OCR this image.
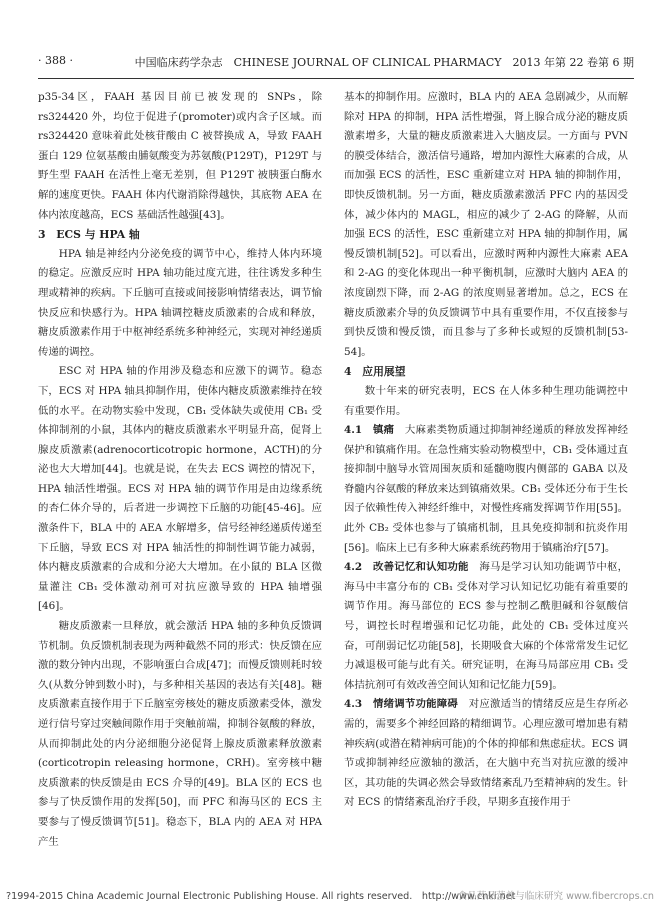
· 388 ·	中国临床药学杂志　CHINESE JOURNAL OF CLINICAL PHARMACY　2013 年第 22 卷第 6 期

p35-34区，FAAH 基因目前已被发现的 SNPs，除 rs324420 外，均位于促进子(promoter)或内含子区域。而 rs324420 意味着此处核苷酸由 C 被替换成 A，导致 FAAH 蛋白 129 位氨基酸由脯氨酸变为苏氨酸(P129T)，P129T 与野生型 FAAH 在活性上毫无差别，但 P129T 被胰蛋白酶水解的速度更快。FAAH 体内代谢消除得越快，其底物 AEA 在体内浓度越高，ECS 基础活性越强[43]。

3　ECS 与 HPA 轴

HPA 轴是神经内分泌免疫的调节中心，维持人体内环境的稳定。应激反应时 HPA 轴功能过度亢进，往往诱发多种生理或精神的疾病。下丘脑可直接或间接影响情绪表达，调节愉快反应和快感行为。HPA 轴调控糖皮质激素的合成和释放，糖皮质激素作用于中枢神经系统多种神经元，实现对神经递质传递的调控。

ESC 对 HPA 轴的作用涉及稳态和应激下的调节。稳态下，ECS 对 HPA 轴具抑制作用，使体内糖皮质激素维持在较低的水平。在动物实验中发现，CB₁ 受体缺失或使用 CB₁ 受体抑制剂的小鼠，其体内的糖皮质激素水平明显升高，促肾上腺皮质激素(adrenocorticotropic hormone，ACTH)的分泌也大大增加[44]。也就是说，在失去 ECS 调控的情况下，HPA 轴活性增强。ECS 对 HPA 轴的调节作用是由边缘系统的杏仁体介导的，后者进一步调控下丘脑的功能[45-46]。应激条件下，BLA 中的 AEA 水解增多，信号经神经递质传递至下丘脑，导致 ECS 对 HPA 轴活性的抑制性调节能力减弱，体内糖皮质激素的合成和分泌大大增加。在小鼠的 BLA 区微量灌注 CB₁ 受体激动剂可对抗应激导致的 HPA 轴增强[46]。

糖皮质激素一旦释放，就会激活 HPA 轴的多种负反馈调节机制。负反馈机制表现为两种截然不同的形式：快反馈在应激的数分钟内出现，不影响蛋白合成[47]；而慢反馈则耗时较久(从数分钟到数小时)，与多种相关基因的表达有关[48]。糖皮质激素直接作用于下丘脑室旁核处的糖皮质激素受体，激发逆行信号穿过突触间隙作用于突触前端，抑制谷氨酸的释放，从而抑制此处的内分泌细胞分泌促肾上腺皮质激素释放激素(corticotropin releasing hormone，CRH)。室旁核中糖皮质激素的快反馈是由 ECS 介导的[49]。BLA 区的 ECS 也参与了快反馈作用的发挥[50]，而 PFC 和海马区的 ECS 主要参与了慢反馈调节[51]。稳态下，BLA 内的 AEA 对 HPA 产生

基本的抑制作用。应激时，BLA 内的 AEA 急剧减少，从而解除对 HPA 的抑制，HPA 活性增强，肾上腺合成分泌的糖皮质激素增多，大量的糖皮质激素进入大脑皮层。一方面与 PVN 的膜受体结合，激活信号通路，增加内源性大麻素的合成，从而加强 ECS 的活性，ESC 重新建立对 HPA 轴的抑制作用，即快反馈机制。另一方面，糖皮质激素激活 PFC 内的基因受体，减少体内的 MAGL，相应的减少了 2-AG 的降解，从而加强 ECS 的活性，ESC 重新建立对 HPA 轴的抑制作用，属慢反馈机制[52]。可以看出，应激时两种内源性大麻素 AEA 和 2-AG 的变化体现出一种平衡机制，应激时大脑内 AEA 的浓度剧烈下降，而 2-AG 的浓度则显著增加。总之，ECS 在糖皮质激素介导的负反馈调节中具有重要作用，不仅直接参与到快反馈和慢反馈，而且参与了多种长或短的反馈机制[53-54]。

4　应用展望

数十年来的研究表明，ECS 在人体多种生理功能调控中有重要作用。

4.1　镇痛　大麻素类物质通过抑制神经递质的释放发挥神经保护和镇痛作用。在急性痛实验动物模型中，CB₁ 受体通过直接抑制中脑导水管周围灰质和延髓吻腹内侧部的 GABA 以及脊髓内谷氨酸的释放来达到镇痛效果。CB₁ 受体还分布于生长因子依赖性传入神经纤维中，对慢性疼痛发挥调节作用[55]。此外 CB₂ 受体也参与了镇痛机制，且具免疫抑制和抗炎作用[56]。临床上已有多种大麻素系统药物用于镇痛治疗[57]。

4.2　改善记忆和认知功能　海马是学习认知功能调节中枢，海马中丰富分布的 CB₁ 受体对学习认知记忆功能有着重要的调节作用。海马部位的 ECS 参与控制乙酰胆碱和谷氨酸信号，调控长时程增强和记忆功能，此处的 CB₁ 受体过度兴奋，可削弱记忆功能[58]，长期吸食大麻的个体常常发生记忆力减退极可能与此有关。研究证明，在海马局部应用 CB₁ 受体拮抗剂可有效改善空间认知和记忆能力[59]。

4.3　情绪调节功能障碍　对应激适当的情绪反应是生存所必需的，需要多个神经回路的精细调节。心理应激可增加患有精神疾病(或潜在精神病可能)的个体的抑郁和焦虑症状。ECS 调节或抑制神经应激轴的激活，在大脑中充当对抗应激的缓冲区，其功能的失调必然会导致情绪紊乱乃至精神病的发生。针对 ECS 的情绪紊乱治疗手段，早期多直接作用于

?1994-2015 China Academic Journal Electronic Publishing House. All rights reserved.　http://www.cnki.net
食品药品营养与临床研究 www.fibercrops.cn
